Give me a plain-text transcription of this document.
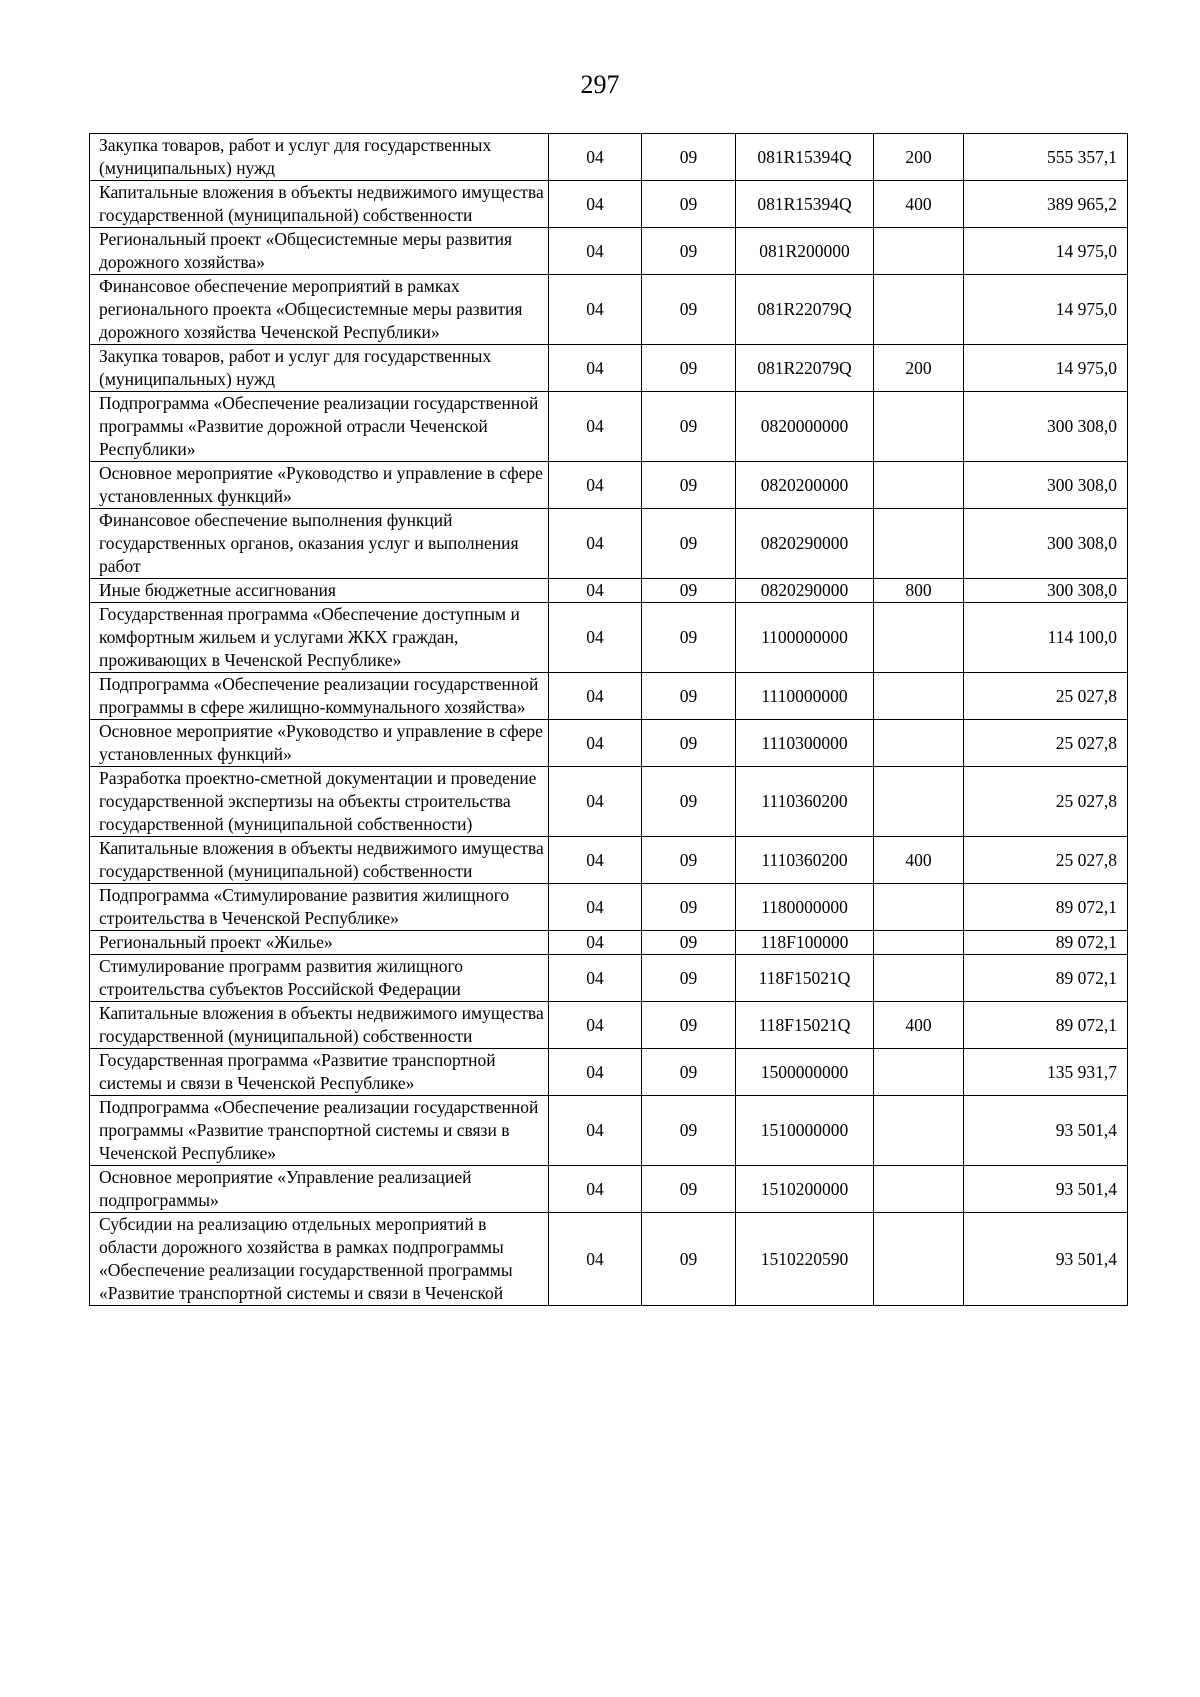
297
Закупка товаров, работ и услуг для государственных (муниципальных) нужд	04	09	081R15394Q	200	555 357,1
Капитальные вложения в объекты недвижимого имущества государственной (муниципальной) собственности	04	09	081R15394Q	400	389 965,2
Региональный проект «Общесистемные меры развития дорожного хозяйства»	04	09	081R200000		14 975,0
Финансовое обеспечение мероприятий в рамках регионального проекта «Общесистемные меры развития дорожного хозяйства Чеченской Республики»	04	09	081R22079Q		14 975,0
Закупка товаров, работ и услуг для государственных (муниципальных) нужд	04	09	081R22079Q	200	14 975,0
Подпрограмма «Обеспечение реализации государственной программы «Развитие дорожной отрасли Чеченской Республики»	04	09	0820000000		300 308,0
Основное мероприятие «Руководство и управление в сфере установленных функций»	04	09	0820200000		300 308,0
Финансовое обеспечение выполнения функций государственных органов, оказания услуг и выполнения работ	04	09	0820290000		300 308,0
Иные бюджетные ассигнования	04	09	0820290000	800	300 308,0
Государственная программа «Обеспечение доступным и комфортным жильем и услугами ЖКХ граждан, проживающих в Чеченской Республике»	04	09	1100000000		114 100,0
Подпрограмма «Обеспечение реализации государственной программы в сфере жилищно-коммунального хозяйства»	04	09	1110000000		25 027,8
Основное мероприятие «Руководство и управление в сфере установленных функций»	04	09	1110300000		25 027,8
Разработка проектно-сметной документации и проведение государственной экспертизы на объекты строительства государственной (муниципальной собственности)	04	09	1110360200		25 027,8
Капитальные вложения в объекты недвижимого имущества государственной (муниципальной) собственности	04	09	1110360200	400	25 027,8
Подпрограмма «Стимулирование развития жилищного строительства в Чеченской Республике»	04	09	1180000000		89 072,1
Региональный проект «Жилье»	04	09	118F100000		89 072,1
Стимулирование программ развития жилищного строительства субъектов Российской Федерации	04	09	118F15021Q		89 072,1
Капитальные вложения в объекты недвижимого имущества государственной (муниципальной) собственности	04	09	118F15021Q	400	89 072,1
Государственная программа «Развитие транспортной системы и связи в Чеченской Республике»	04	09	1500000000		135 931,7
Подпрограмма «Обеспечение реализации государственной программы «Развитие транспортной системы и связи в Чеченской Республике»	04	09	1510000000		93 501,4
Основное мероприятие «Управление реализацией подпрограммы»	04	09	1510200000		93 501,4
Субсидии на реализацию отдельных мероприятий в области дорожного хозяйства в рамках подпрограммы «Обеспечение реализации государственной программы «Развитие транспортной системы и связи в Чеченской	04	09	1510220590		93 501,4
